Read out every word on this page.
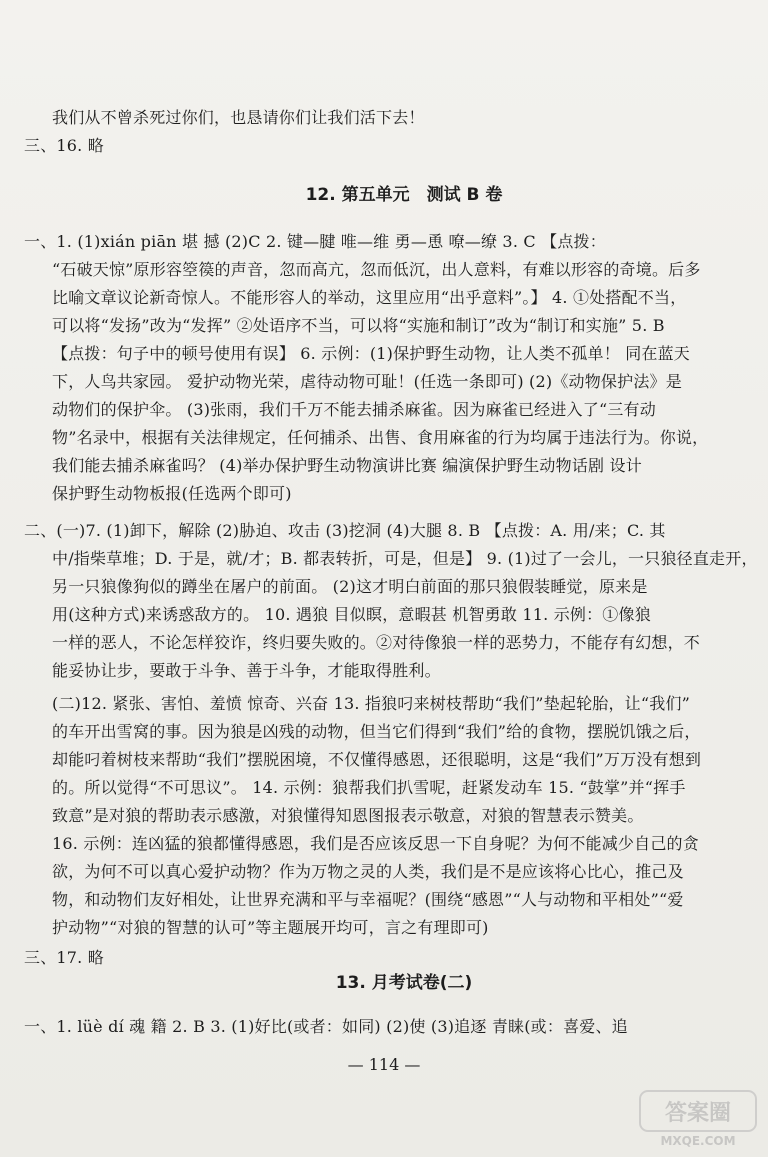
我们从不曾杀死过你们，也恳请你们让我们活下去！
三、16. 略
12. 第五单元　测试 B 卷
一、1. (1)xián piān 堪 撼 (2)C 2. 键—腱 唯—维 勇—恿 嘹—缭 3. C 【点拨：
“石破天惊”原形容箜篌的声音，忽而高亢，忽而低沉，出人意料，有难以形容的奇境。后多
比喻文章议论新奇惊人。不能形容人的举动，这里应用“出乎意料”。】 4. ①处搭配不当，
可以将“发扬”改为“发挥” ②处语序不当，可以将“实施和制订”改为“制订和实施” 5. B
【点拨：句子中的顿号使用有误】 6. 示例：(1)保护野生动物，让人类不孤单！ 同在蓝天
下，人鸟共家园。 爱护动物光荣，虐待动物可耻！(任选一条即可) (2)《动物保护法》是
动物们的保护伞。 (3)张雨，我们千万不能去捕杀麻雀。因为麻雀已经进入了“三有动
物”名录中，根据有关法律规定，任何捕杀、出售、食用麻雀的行为均属于违法行为。你说，
我们能去捕杀麻雀吗？ (4)举办保护野生动物演讲比赛 编演保护野生动物话剧 设计
保护野生动物板报(任选两个即可)
二、(一)7. (1)卸下，解除 (2)胁迫、攻击 (3)挖洞 (4)大腿 8. B 【点拨：A. 用/来；C. 其
中/指柴草堆；D. 于是，就/才；B. 都表转折，可是，但是】 9. (1)过了一会儿，一只狼径直走开，
另一只狼像狗似的蹲坐在屠户的前面。 (2)这才明白前面的那只狼假装睡觉，原来是
用(这种方式)来诱惑敌方的。 10. 遇狼 目似瞑，意暇甚 机智勇敢 11. 示例：①像狼
一样的恶人，不论怎样狡诈，终归要失败的。②对待像狼一样的恶势力，不能存有幻想，不
能妥协让步，要敢于斗争、善于斗争，才能取得胜利。
(二)12. 紧张、害怕、羞愤 惊奇、兴奋 13. 指狼叼来树枝帮助“我们”垫起轮胎，让“我们”
的车开出雪窝的事。因为狼是凶残的动物，但当它们得到“我们”给的食物，摆脱饥饿之后，
却能叼着树枝来帮助“我们”摆脱困境，不仅懂得感恩，还很聪明，这是“我们”万万没有想到
的。所以觉得“不可思议”。 14. 示例：狼帮我们扒雪呢，赶紧发动车 15. “鼓掌”并“挥手
致意”是对狼的帮助表示感激，对狼懂得知恩图报表示敬意，对狼的智慧表示赞美。
16. 示例：连凶猛的狼都懂得感恩，我们是否应该反思一下自身呢？为何不能减少自己的贪
欲，为何不可以真心爱护动物？作为万物之灵的人类，我们是不是应该将心比心，推己及
物，和动物们友好相处，让世界充满和平与幸福呢？(围绕“感恩”“人与动物和平相处”“爱
护动物”“对狼的智慧的认可”等主题展开均可，言之有理即可)
三、17. 略
13. 月考试卷(二)
一、1. lüè dí 魂 籍 2. B 3. (1)好比(或者：如同) (2)使 (3)追逐 青睐(或：喜爱、追
— 114 —
答案圈
MXQE.COM
